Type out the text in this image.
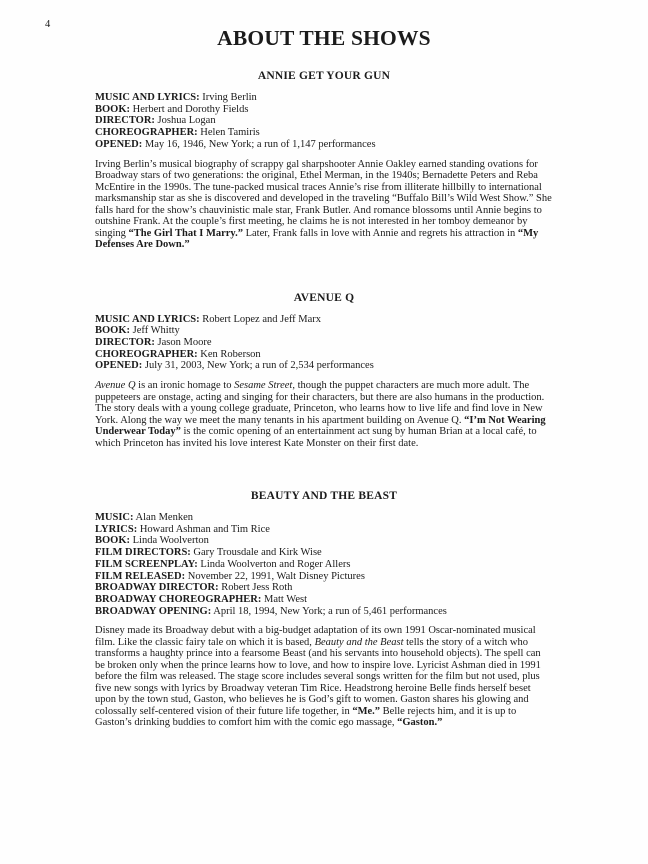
4
ABOUT THE SHOWS
ANNIE GET YOUR GUN
MUSIC AND LYRICS: Irving Berlin
BOOK: Herbert and Dorothy Fields
DIRECTOR: Joshua Logan
CHOREOGRAPHER: Helen Tamiris
OPENED: May 16, 1946, New York; a run of 1,147 performances

Irving Berlin’s musical biography of scrappy gal sharpshooter Annie Oakley earned standing ovations for Broadway stars of two generations: the original, Ethel Merman, in the 1940s; Bernadette Peters and Reba McEntire in the 1990s. The tune-packed musical traces Annie’s rise from illiterate hillbilly to international marksmanship star as she is discovered and developed in the traveling “Buffalo Bill’s Wild West Show.” She falls hard for the show’s chauvinistic male star, Frank Butler. And romance blossoms until Annie begins to outshine Frank. At the couple’s first meeting, he claims he is not interested in her tomboy demeanor by singing “The Girl That I Marry.” Later, Frank falls in love with Annie and regrets his attraction in “My Defenses Are Down.”

AVENUE Q
MUSIC AND LYRICS: Robert Lopez and Jeff Marx
BOOK: Jeff Whitty
DIRECTOR: Jason Moore
CHOREOGRAPHER: Ken Roberson
OPENED: July 31, 2003, New York; a run of 2,534 performances

Avenue Q is an ironic homage to Sesame Street, though the puppet characters are much more adult. The puppeteers are onstage, acting and singing for their characters, but there are also humans in the production. The story deals with a young college graduate, Princeton, who learns how to live life and find love in New York. Along the way we meet the many tenants in his apartment building on Avenue Q. “I’m Not Wearing Underwear Today” is the comic opening of an entertainment act sung by human Brian at a local café, to which Princeton has invited his love interest Kate Monster on their first date.

BEAUTY AND THE BEAST
MUSIC: Alan Menken
LYRICS: Howard Ashman and Tim Rice
BOOK: Linda Woolverton
FILM DIRECTORS: Gary Trousdale and Kirk Wise
FILM SCREENPLAY: Linda Woolverton and Roger Allers
FILM RELEASED: November 22, 1991, Walt Disney Pictures
BROADWAY DIRECTOR: Robert Jess Roth
BROADWAY CHOREOGRAPHER: Matt West
BROADWAY OPENING: April 18, 1994, New York; a run of 5,461 performances

Disney made its Broadway debut with a big-budget adaptation of its own 1991 Oscar-nominated musical film. Like the classic fairy tale on which it is based, Beauty and the Beast tells the story of a witch who transforms a haughty prince into a fearsome Beast (and his servants into household objects). The spell can be broken only when the prince learns how to love, and how to inspire love. Lyricist Ashman died in 1991 before the film was released. The stage score includes several songs written for the film but not used, plus five new songs with lyrics by Broadway veteran Tim Rice. Headstrong heroine Belle finds herself beset upon by the town stud, Gaston, who believes he is God’s gift to women. Gaston shares his glowing and colossally self-centered vision of their future life together, in “Me.” Belle rejects him, and it is up to Gaston’s drinking buddies to comfort him with the comic ego massage, “Gaston.”
